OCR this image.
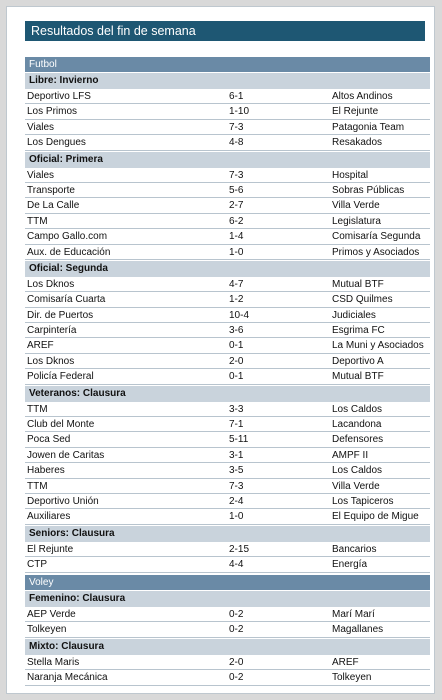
Resultados del fin de semana
Futbol
Libre: Invierno
Deportivo LFS	6-1	Altos Andinos
Los Primos	1-10	El Rejunte
Viales	7-3	Patagonia Team
Los Dengues	4-8	Resakados
Oficial: Primera
Viales	7-3	Hospital
Transporte	5-6	Sobras Públicas
De La Calle	2-7	Villa Verde
TTM	6-2	Legislatura
Campo Gallo.com	1-4	Comisaría Segunda
Aux. de Educación	1-0	Primos y Asociados
Oficial: Segunda
Los Dknos	4-7	Mutual BTF
Comisaría Cuarta	1-2	CSD Quilmes
Dir. de Puertos	10-4	Judiciales
Carpintería	3-6	Esgrima FC
AREF	0-1	La Muni y Asociados
Los Dknos	2-0	Deportivo A
Policía Federal	0-1	Mutual BTF
Veteranos: Clausura
TTM	3-3	Los Caldos
Club del Monte	7-1	Lacandona
Poca Sed	5-11	Defensores
Jowen de Caritas	3-1	AMPF II
Haberes	3-5	Los Caldos
TTM	7-3	Villa Verde
Deportivo Unión	2-4	Los Tapiceros
Auxiliares	1-0	El Equipo de Migue
Seniors: Clausura
El Rejunte	2-15	Bancarios
CTP	4-4	Energía
Voley
Femenino: Clausura
AEP Verde	0-2	Marí Marí
Tolkeyen	0-2	Magallanes
Mixto: Clausura
Stella Maris	2-0	AREF
Naranja Mecánica	0-2	Tolkeyen
